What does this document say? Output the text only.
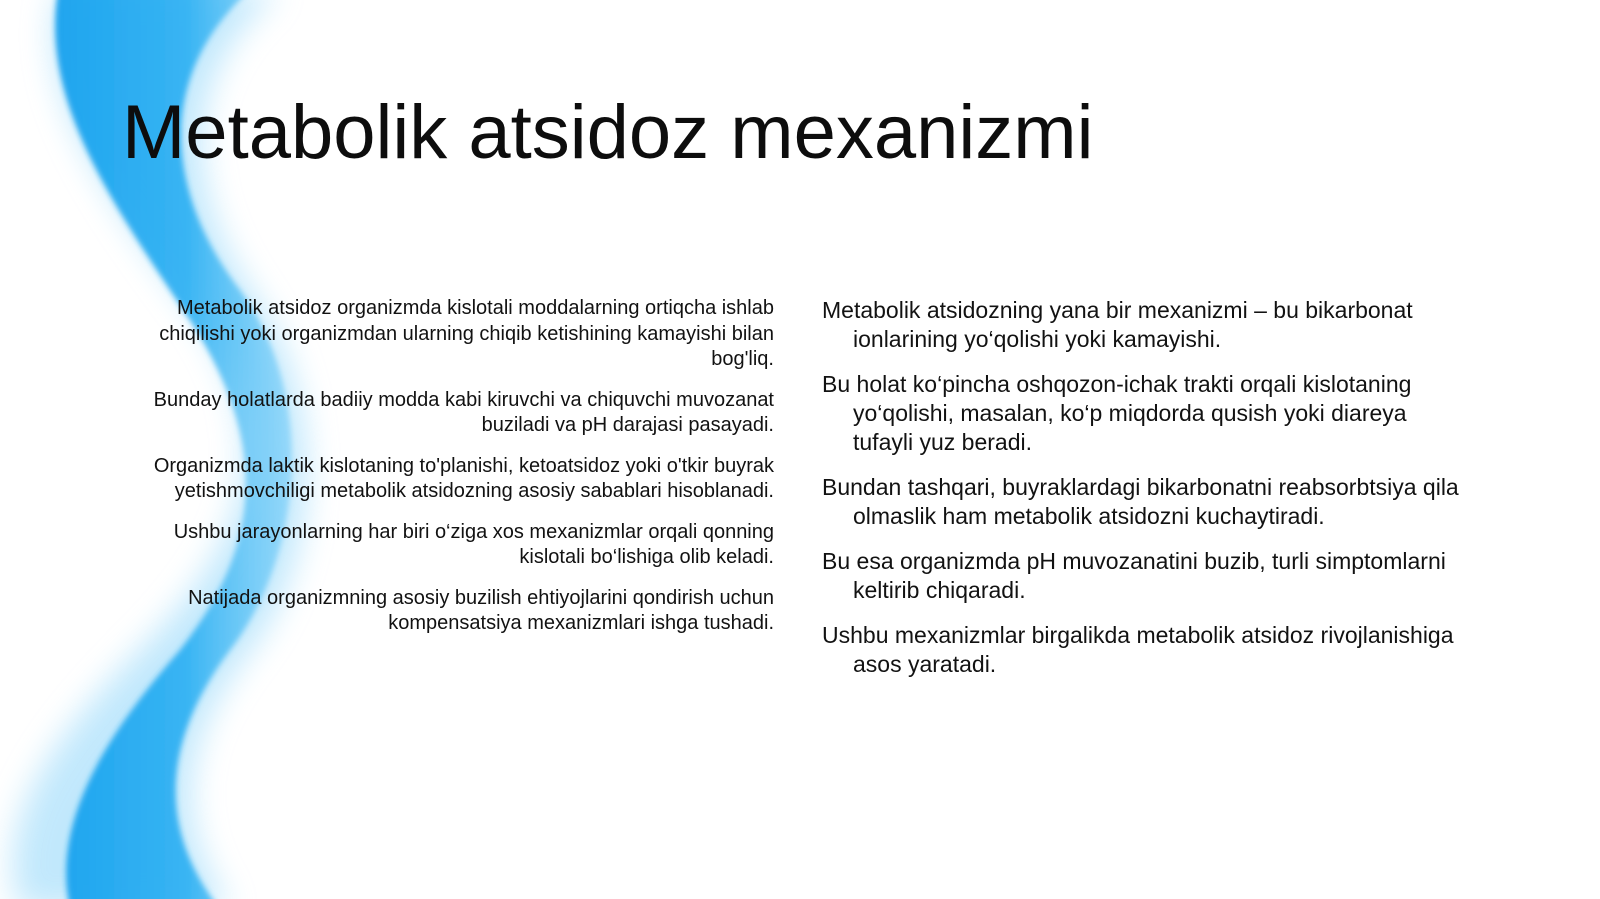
Metabolik atsidoz mexanizmi

Metabolik atsidoz organizmda kislotali moddalarning ortiqcha ishlab chiqilishi yoki organizmdan ularning chiqib ketishining kamayishi bilan bog'liq.

Bunday holatlarda badiiy modda kabi kiruvchi va chiquvchi muvozanat buziladi va pH darajasi pasayadi.

Organizmda laktik kislotaning to'planishi, ketoatsidoz yoki o'tkir buyrak yetishmovchiligi metabolik atsidozning asosiy sabablari hisoblanadi.

Ushbu jarayonlarning har biri o‘ziga xos mexanizmlar orqali qonning kislotali bo‘lishiga olib keladi.

Natijada organizmning asosiy buzilish ehtiyojlarini qondirish uchun kompensatsiya mexanizmlari ishga tushadi.

Metabolik atsidozning yana bir mexanizmi – bu bikarbonat ionlarining yo‘qolishi yoki kamayishi.

Bu holat ko‘pincha oshqozon-ichak trakti orqali kislotaning yo‘qolishi, masalan, ko‘p miqdorda qusish yoki diareya tufayli yuz beradi.

Bundan tashqari, buyraklardagi bikarbonatni reabsorbtsiya qila olmaslik ham metabolik atsidozni kuchaytiradi.

Bu esa organizmda pH muvozanatini buzib, turli simptomlarni keltirib chiqaradi.

Ushbu mexanizmlar birgalikda metabolik atsidoz rivojlanishiga asos yaratadi.
